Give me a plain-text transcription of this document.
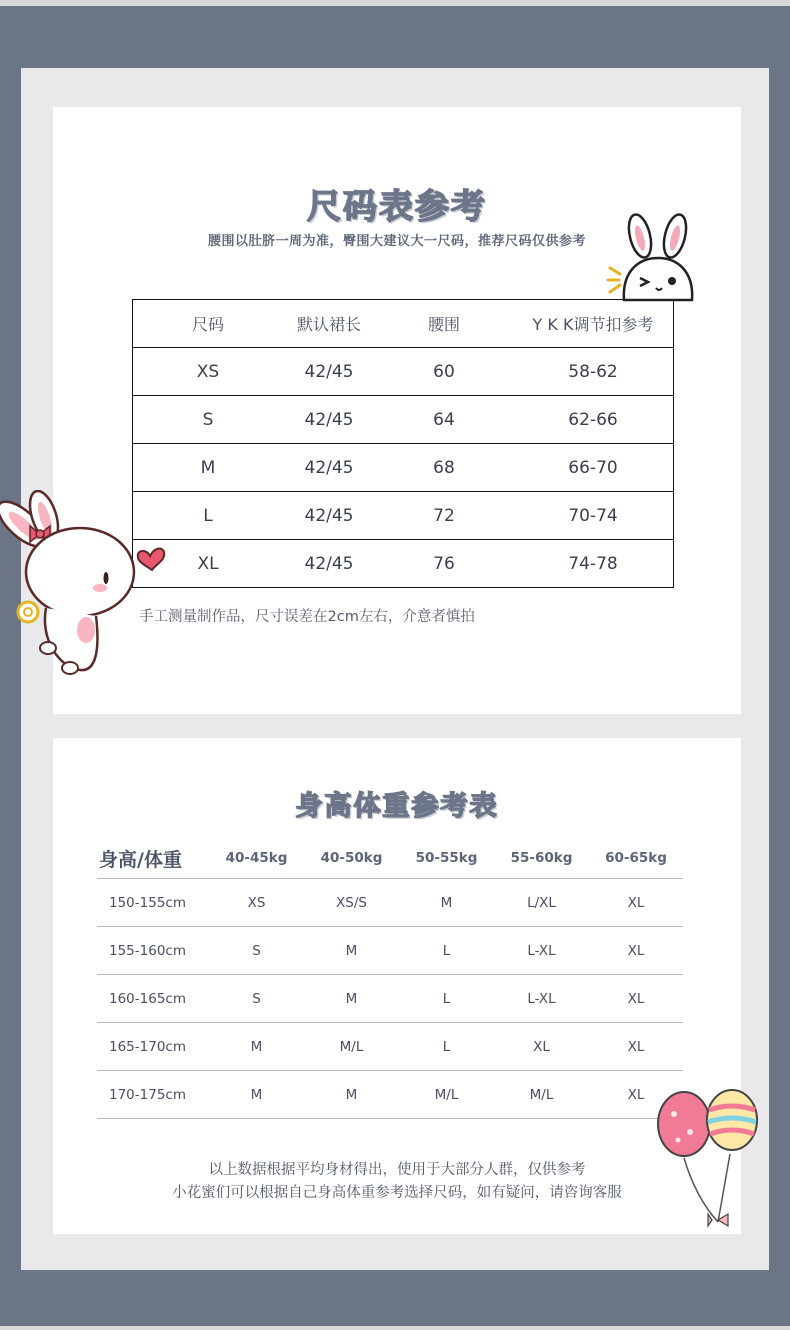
尺码表参考
腰围以肚脐一周为准，臀围大建议大一尺码，推荐尺码仅供参考
尺码	默认裙长	腰围	Y K K调节扣参考
XS	42/45	60	58-62
S	42/45	64	62-66
M	42/45	68	66-70
L	42/45	72	70-74
XL	42/45	76	74-78
手工测量制作品，尺寸误差在2cm左右，介意者慎拍
身高体重参考表
身高/体重	40-45kg	40-50kg	50-55kg	55-60kg	60-65kg
150-155cm	XS	XS/S	M	L/XL	XL
155-160cm	S	M	L	L-XL	XL
160-165cm	S	M	L	L-XL	XL
165-170cm	M	M/L	L	XL	XL
170-175cm	M	M	M/L	M/L	XL
以上数据根据平均身材得出，使用于大部分人群，仅供参考
小花蜜们可以根据自己身高体重参考选择尺码，如有疑问，请咨询客服
